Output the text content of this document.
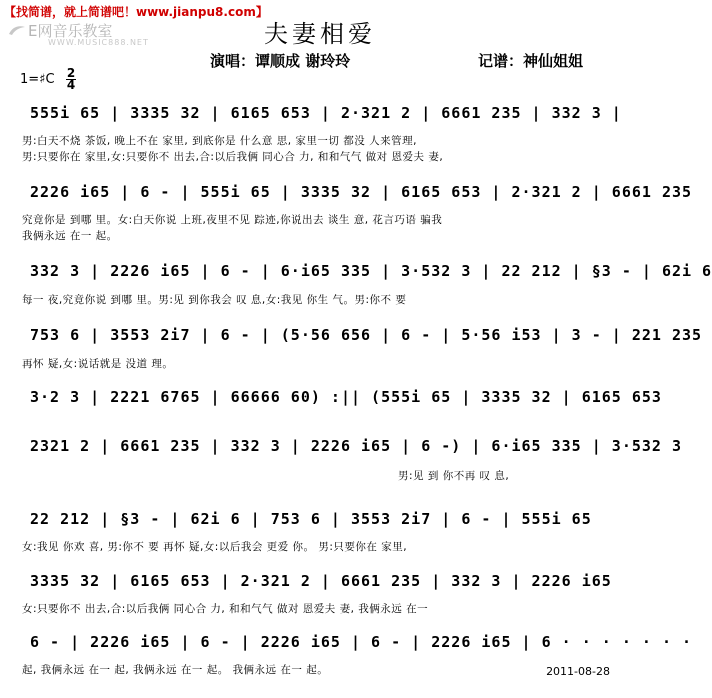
【找简谱，就上简谱吧！www.jianpu8.com】
E网音乐教室
WWW.MUSIC888.NET	夫妻相爱
演唱：谭顺成 谢玲玲	记谱：神仙姐姐
1=♯C 2
4
555i 65 | 3335 32 | 6165 653 | 2·321 2 | 6661 235 | 332 3 |
男:白天不烧 茶饭, 晚上不在 家里, 到底你是 什么意 思, 家里一切 都没 人来管理,
男:只要你在 家里,女:只要你不 出去,合:以后我俩 同心合 力, 和和气气 做对 恩爱夫 妻,
2226 i65 | 6 - | 555i 65 | 3335 32 | 6165 653 | 2·321 2 | 6661 235
究竟你是 到哪 里。女:白天你说 上班,夜里不见 踪迹,你说出去 谈生 意, 花言巧语 骗我
我俩永远 在一 起。
332 3 | 2226 i65 | 6 - | 6·i65 335 | 3·532 3 | 22 212 | §3 - | 62i 6
每一 夜,究竟你说 到哪 里。男:见 到你我会 叹 息,女:我见 你生 气。男:你不 要
753 6 | 3553 2i7 | 6 - | (5·56 656 | 6 - | 5·56 i53 | 3 - | 221 235
再怀 疑,女:说话就是 没道 理。
3·2 3 | 2221 6765 | 66666 60) :|| (555i 65 | 3335 32 | 6165 653
2321 2 | 6661 235 | 332 3 | 2226 i65 | 6 -) | 6·i65 335 | 3·532 3
男:见 到 你不再 叹 息,
22 212 | §3 - | 62i 6 | 753 6 | 3553 2i7 | 6 - | 555i 65
女:我见 你欢 喜, 男:你不 要 再怀 疑,女:以后我会 更爱 你。 男:只要你在 家里,
3335 32 | 6165 653 | 2·321 2 | 6661 235 | 332 3 | 2226 i65
女:只要你不 出去,合:以后我俩 同心合 力, 和和气气 做对 恩爱夫 妻, 我俩永远 在一
6 - | 2226 i65 | 6 - | 2226 i65 | 6 - | 2226 i65 | 6 · · · · · · ·
起, 我俩永远 在一 起, 我俩永远 在一 起。 我俩永远 在一 起。	2011-08-28
